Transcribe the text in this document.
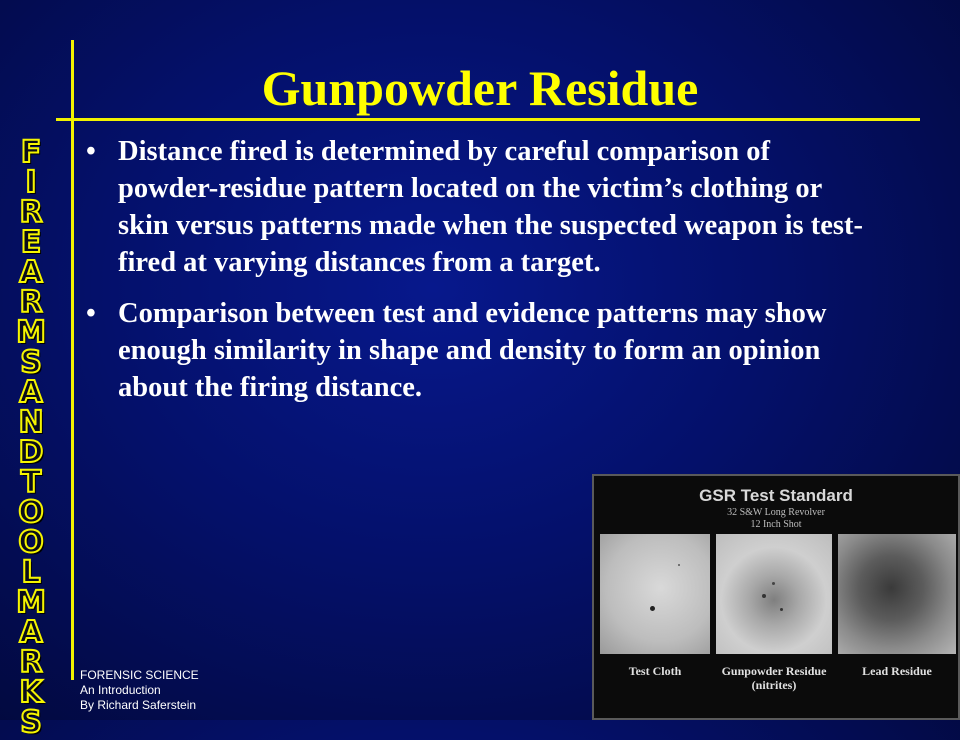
Gunpowder Residue
F
I
R
E
A
R
M
S
A
N
D
T
O
O
L
M
A
R
K
S
• Distance fired is determined by careful comparison of powder-residue pattern located on the victim’s clothing or skin versus patterns made when the suspected weapon is test-fired at varying distances from a target.
• Comparison between test and evidence patterns may show enough similarity in shape and density to form an opinion about the firing distance.
FORENSIC SCIENCE
An Introduction
By Richard Saferstein
GSR Test Standard
32 S&W Long Revolver
12 Inch Shot
Test Cloth	Gunpowder Residue
(nitrites)
Lead Residue
